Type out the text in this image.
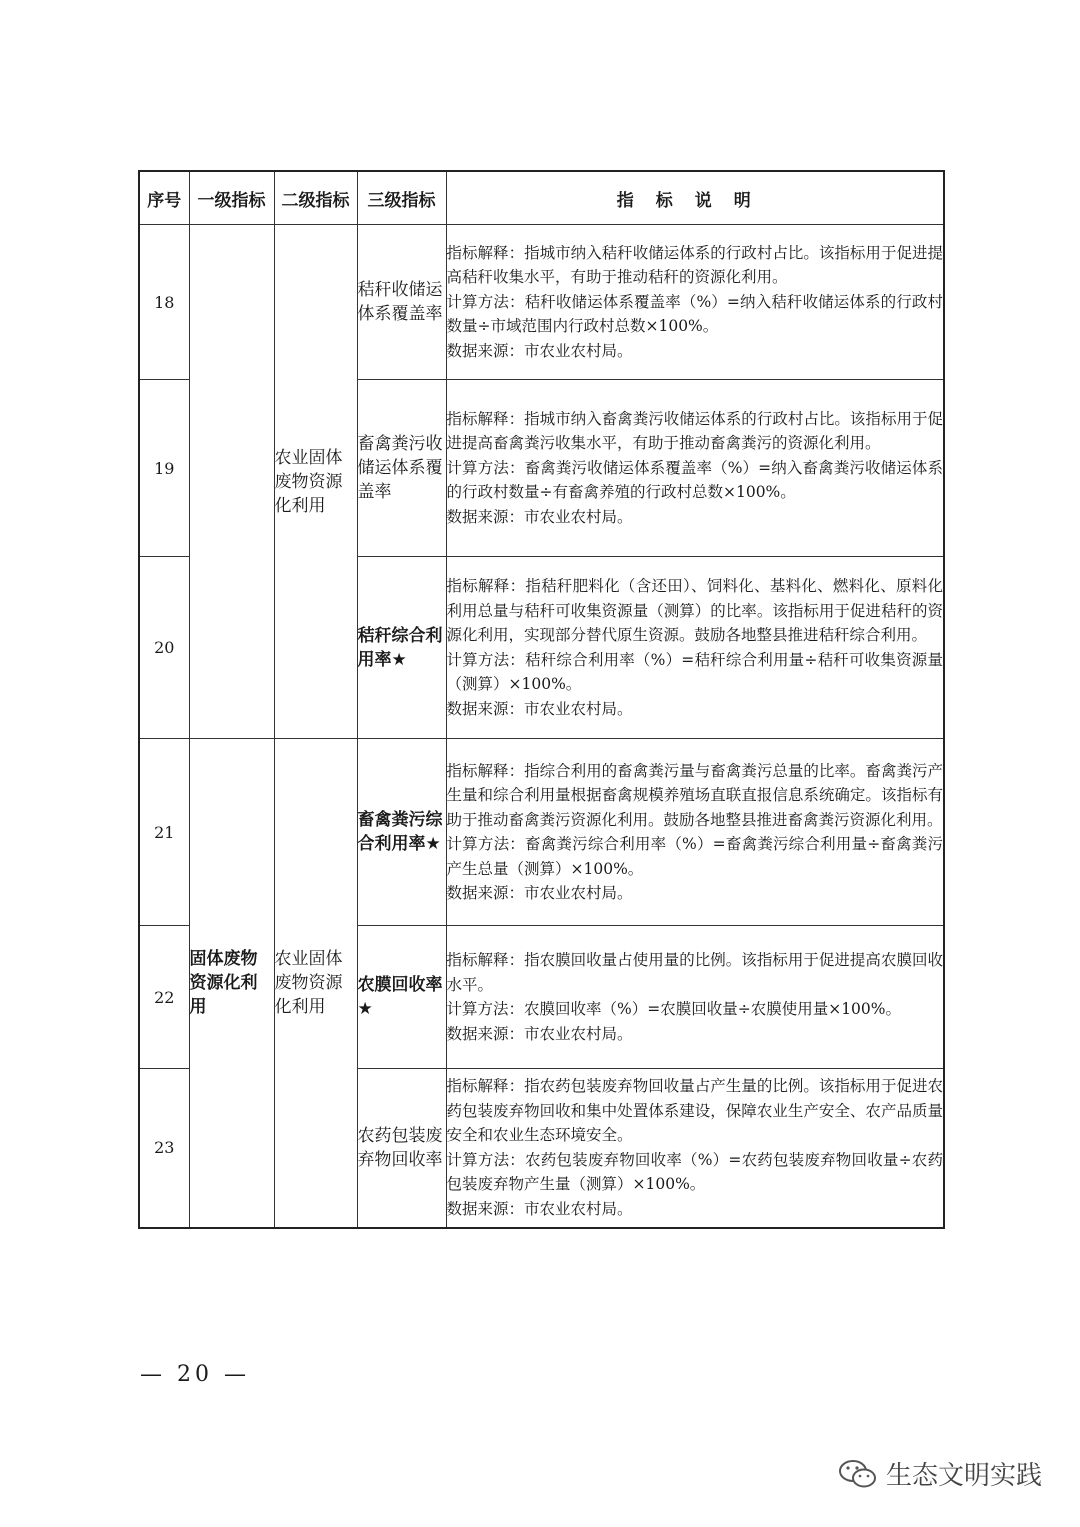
序号	一级指标	二级指标	三级指标	指标说明
18		农业固体废物资源化利用	秸秆收储运体系覆盖率	指标解释：指城市纳入秸秆收储运体系的行政村占比。该指标用于促进提高秸秆收集水平，有助于推动秸秆的资源化利用。
计算方法：秸秆收储运体系覆盖率（%）=纳入秸秆收储运体系的行政村数量÷市域范围内行政村总数×100%。
数据来源：市农业农村局。

19			畜禽粪污收储运体系覆盖率	指标解释：指城市纳入畜禽粪污收储运体系的行政村占比。该指标用于促进提高畜禽粪污收集水平，有助于推动畜禽粪污的资源化利用。
计算方法：畜禽粪污收储运体系覆盖率（%）=纳入畜禽粪污收储运体系的行政村数量÷有畜禽养殖的行政村总数×100%。
数据来源：市农业农村局。

20			秸秆综合利用率★	指标解释：指秸秆肥料化（含还田）、饲料化、基料化、燃料化、原料化利用总量与秸秆可收集资源量（测算）的比率。该指标用于促进秸秆的资源化利用，实现部分替代原生资源。鼓励各地整县推进秸秆综合利用。
计算方法：秸秆综合利用率（%）=秸秆综合利用量÷秸秆可收集资源量（测算）×100%。
数据来源：市农业农村局。

21	固体废物资源化利用	农业固体废物资源化利用	畜禽粪污综合利用率★	指标解释：指综合利用的畜禽粪污量与畜禽粪污总量的比率。畜禽粪污产生量和综合利用量根据畜禽规模养殖场直联直报信息系统确定。该指标有助于推动畜禽粪污资源化利用。鼓励各地整县推进畜禽粪污资源化利用。
计算方法：畜禽粪污综合利用率（%）=畜禽粪污综合利用量÷畜禽粪污产生总量（测算）×100%。
数据来源：市农业农村局。

22			农膜回收率★	指标解释：指农膜回收量占使用量的比例。该指标用于促进提高农膜回收水平。
计算方法：农膜回收率（%）=农膜回收量÷农膜使用量×100%。
数据来源：市农业农村局。

23			农药包装废弃物回收率	指标解释：指农药包装废弃物回收量占产生量的比例。该指标用于促进农药包装废弃物回收和集中处置体系建设，保障农业生产安全、农产品质量安全和农业生态环境安全。
计算方法：农药包装废弃物回收率（%）=农药包装废弃物回收量÷农药包装废弃物产生量（测算）×100%。
数据来源：市农业农村局。
— 20 —
生态文明实践
